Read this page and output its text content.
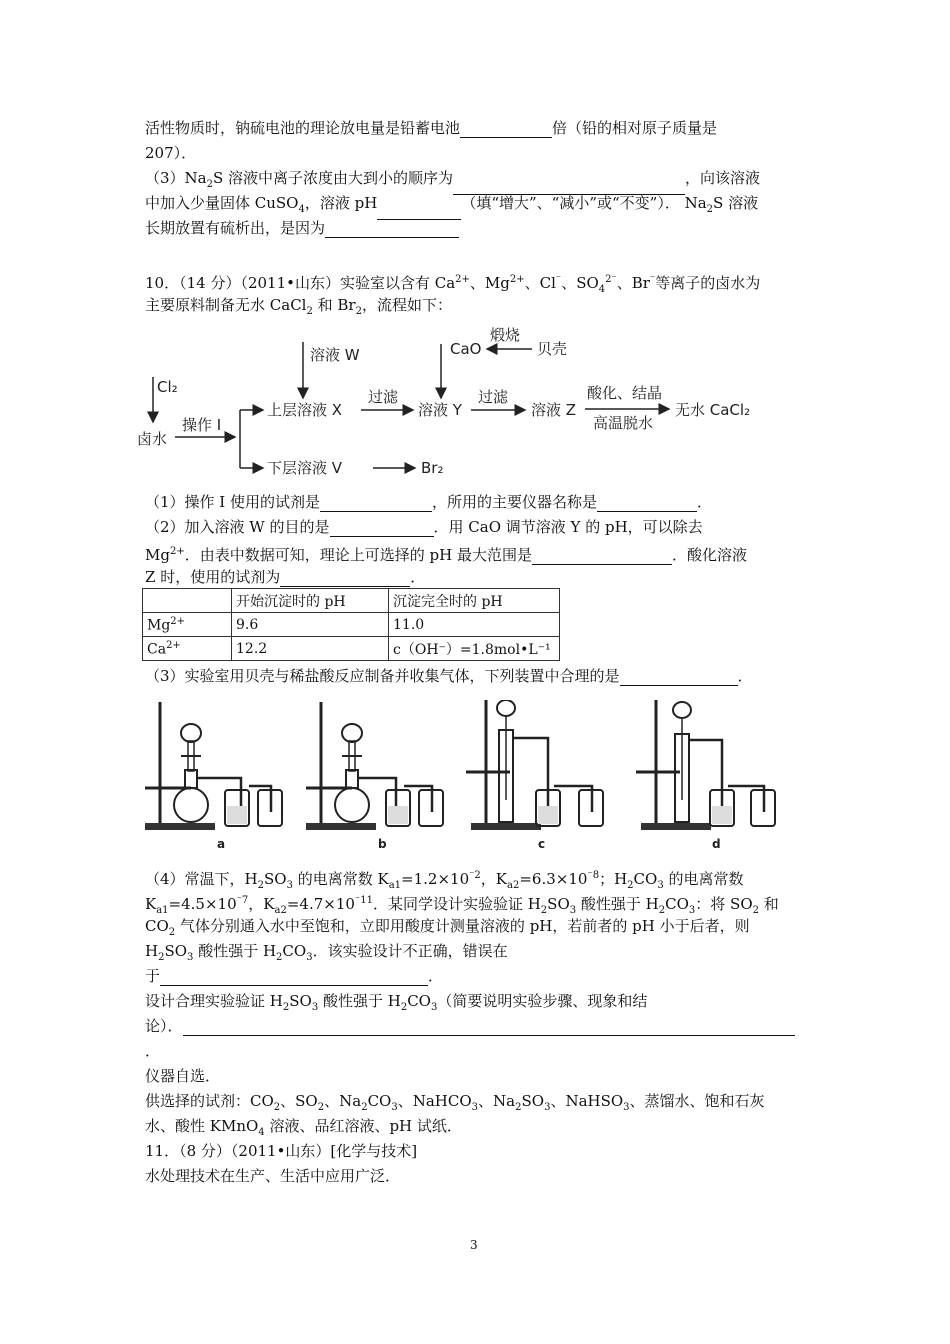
活性物质时，钠硫电池的理论放电量是铅蓄电池	倍（铅的相对原子质量是
207）．
$(3)Na_2S$ 溶液中离子浓度由大到小的顺序为	，向该溶液
中加入少量固体 CuSO$_4$，溶液 pH	（填“增大”、“减小”或“不变”）． $Na_2S$ 溶液
长期放置有硫析出，是因为
10．（14 分）（2011•山东）实验室以含有 $Ca^{2+}$、$Mg^{2+}$、Cl⁻、$SO_4^{2^-}$、Br⁻等离子的卤水为
主要原料制备无水 CaCl$_2$ 和 $Br_2$，流程如下：
Cl₂
卤水
操作 I
溶液 W
上层溶液 X
下层溶液 V	Br₂
过滤
CaO
煅烧
贝壳
溶液 Y
过滤
溶液 Z
酸化、结晶
高温脱水
无水 CaCl₂
（1）操作 I 使用的试剂是	，所用的主要仪器名称是	．
（2）加入溶液 W 的目的是	．用 CaO 调节溶液 Y 的 pH，可以除去
$Mg^{2+}$．由表中数据可知，理论上可选择的 pH 最大范围是	．酸化溶液
Z 时，使用的试剂为	．
	开始沉淀时的 pH	沉淀完全时的 pH
$Mg^{2+}$	9.6	11.0
$Ca^{2+}$	12.2	c（OH⁻）=1.8mol•L⁻¹
（3）实验室用贝壳与稀盐酸反应制备并收集气体，下列装置中合理的是	．
a	b	c	d
（4）常温下，$H_2SO_3$ 的电离常数 $K_{a1}=1.2\times 10^{^-2}$，$K_{a2}=6.3\times 10^{^-8}$；$H_2CO_3$ 的电离常数
$K_{a1}=4.5\times 10^{^-7}$，$K_{a2}=4.7\times 10^{^-11}$．某同学设计实验验证 $H_2SO_3$ 酸性强于 $H_2CO_3$：将 $SO_2$ 和
$CO_2$ 气体分别通入水中至饱和，立即用酸度计测量溶液的 pH，若前者的 pH 小于后者，则
$H_2SO_3$ 酸性强于 $H_2CO_3$．该实验设计不正确，错误在
于	．
设计合理实验验证 $H_2SO_3$ 酸性强于 $H_2CO_3$（简要说明实验步骤、现象和结
论）．
．
仪器自选．
供选择的试剂：$CO_2$、$SO_2$、$Na_2CO_3$、NaHCO$_3$、$Na_2SO_3$、NaHSO$_3$、蒸馏水、饱和石灰
水、酸性 KMnO$_4$ 溶液、品红溶液、pH 试纸．
11．（8 分）（2011•山东）[化学与技术]
水处理技术在生产、生活中应用广泛．
3
